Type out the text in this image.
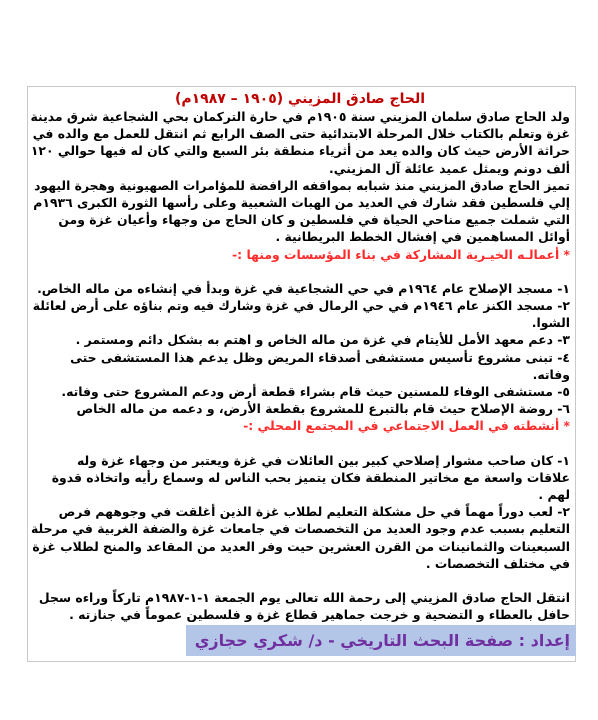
الحاج صادق المزيني (١٩٠٥ – ١٩٨٧م)

ولد الحاج صادق سلمان المزيني سنة ١٩٠٥م في حارة التركمان بحي الشجاعية شرق مدينة غزة وتعلم بالكتاب خلال المرحلة الابتدائية حتى الصف الرابع ثم انتقل للعمل مع والده في حراثة الأرض حيث كان والده يعد من أثرياء منطقة بئر السبع والتي كان له فيها حوالي ١٢٠ ألف دونم ويمثل عميد عائلة آل المزيني.

تميز الحاج صادق المزيني منذ شبابه بمواقفه الرافضة للمؤامرات الصهيونية وهجرة اليهود إلي فلسطين فقد شارك في العديد من الهبات الشعبية وعلى رأسها الثورة الكبرى ١٩٣٦م التي شملت جميع مناحي الحياة في فلسطين و كان الحاج من وجهاء وأعيان غزة ومن أوائل المساهمين في إفشال الخطط البريطانية .

* أعمالـه الخيـرية المشاركة في بناء المؤسسات ومنها :-

١- مسجد الإصلاح عام ١٩٦٤م في حي الشجاعية في غزة وبدأ في إنشاءه من ماله الخاص.

٢- مسجد الكنز عام ١٩٤٦م في حي الرمال في غزة وشارك فيه وتم بناؤه على أرض لعائلة الشوا.

٣- دعم معهد الأمل للأيتام في غزة من ماله الخاص و اهتم به بشكل دائم ومستمر .

٤- تبنى مشروع تأسيس مستشفى أصدقاء المريض وظل يدعم هذا المستشفى حتى وفاته.

٥- مستشفى الوفاء للمسنين حيث قام بشراء قطعة أرض ودعم المشروع حتى وفاته.

٦- روضة الإصلاح حيث قام بالتبرع للمشروع بقطعة الأرض، و دعمه من ماله الخاص

* أنشطته في العمل الاجتماعي في المجتمع المحلي :-

١- كان صاحب مشوار إصلاحي كبير بين العائلات في غزة ويعتبر من وجهاء غزة وله علاقات واسعة مع مخاتير المنطقة فكان يتميز بحب الناس له وسماع رأيه واتخاذه قدوة لهم .

٢- لعب دوراً مهماً في حل مشكلة التعليم لطلاب غزة الذين أغلقت في وجوههم فرص التعليم بسبب عدم وجود العديد من التخصصات في جامعات غزة والضفة الغربية في مرحلة السبعينات والثمانينات من القرن العشرين حيت وفر العديد من المقاعد والمنح لطلاب غزة في مختلف التخصصات .

انتقل الحاج صادق المزيني إلى رحمة الله تعالى يوم الجمعة ١-١-١٩٨٧م تاركاً وراءه سجل حافل بالعطاء و التضحية و خرجت جماهير قطاع غزة و فلسطين عموماً في جنازته .

إعداد : صفحة البحث التاريخي - د/ شكري حجازي
